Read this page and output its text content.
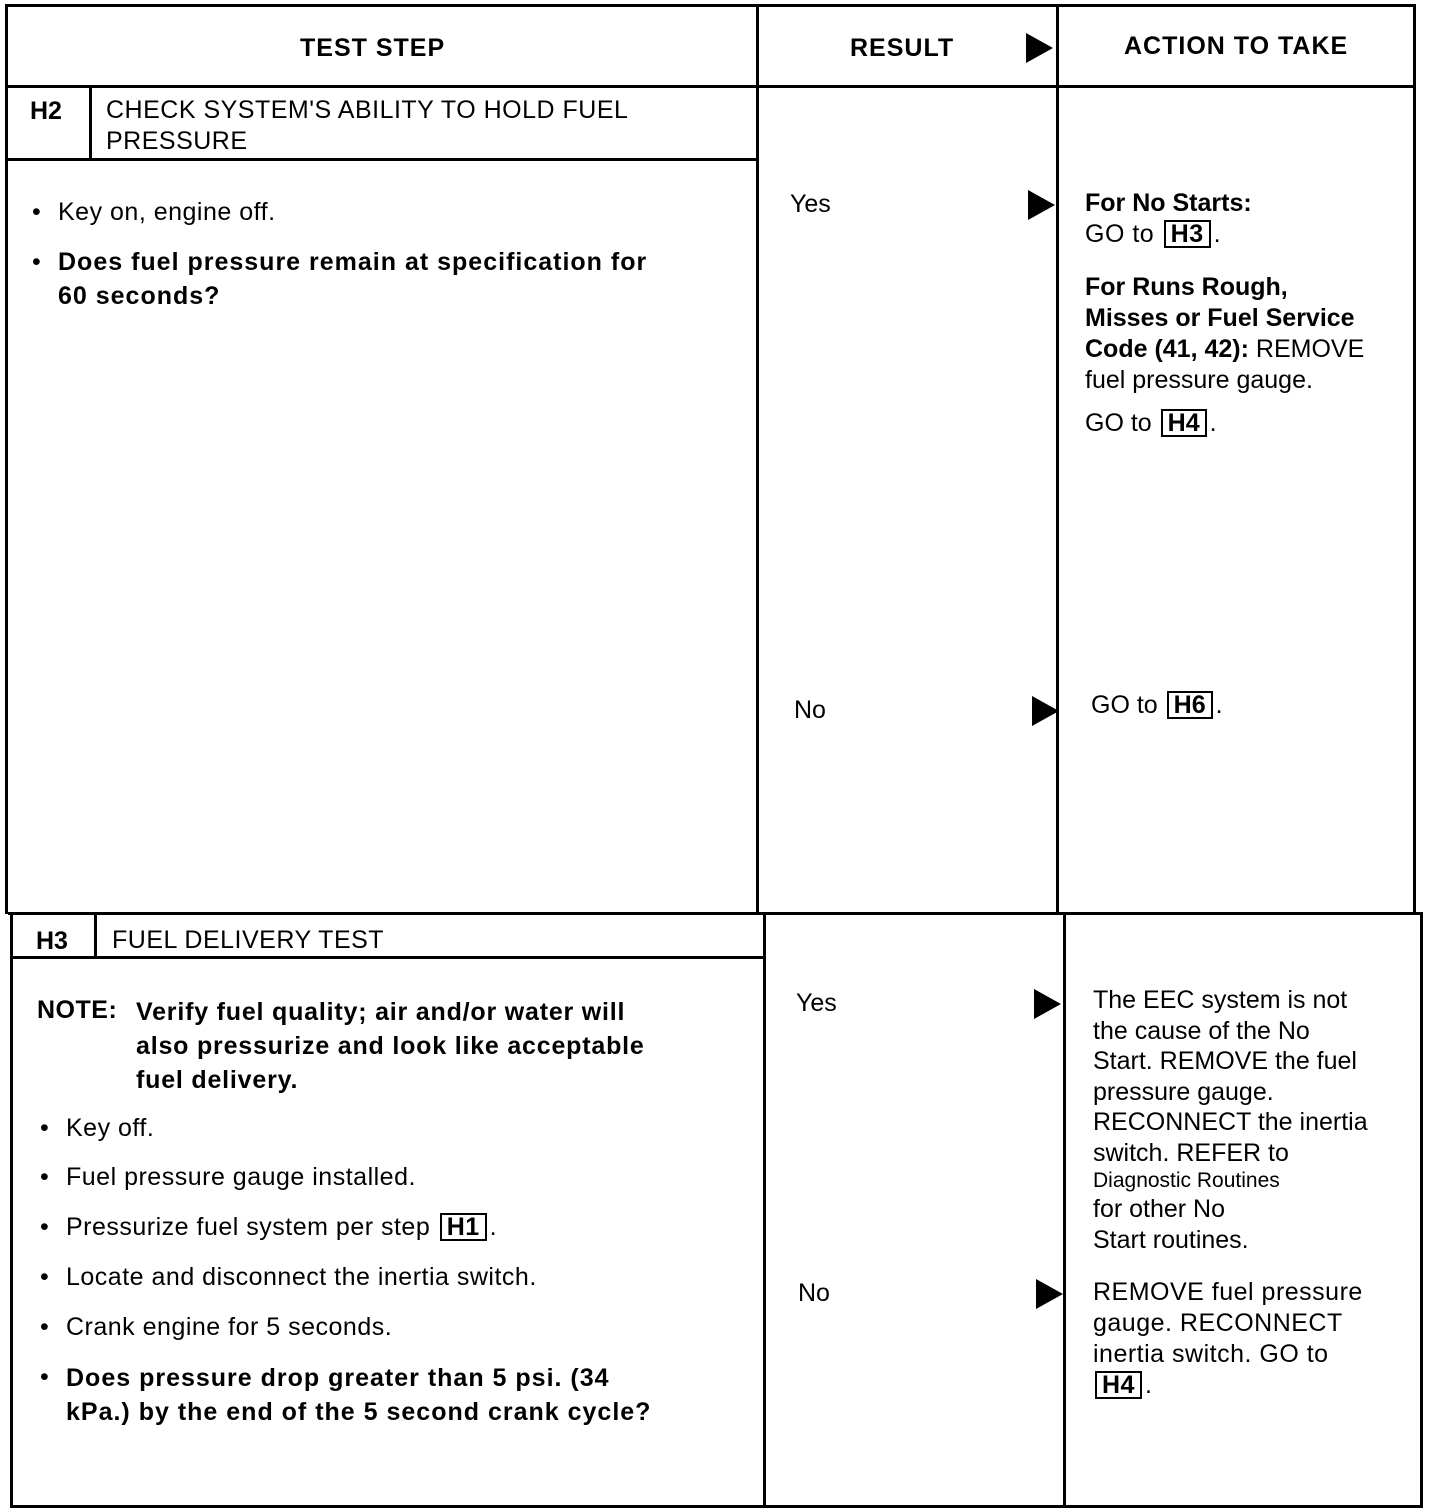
TEST STEP	RESULT	ACTION TO TAKE
H2 CHECK SYSTEM'S ABILITY TO HOLD FUEL
PRESSURE
• Key on, engine off.
• Does fuel pressure remain at specification for
60 seconds?
Yes
No
For No Starts:
GO to H3 .
For Runs Rough,
Misses or Fuel Service
Code (41, 42): REMOVE
fuel pressure gauge.
GO to H4 .
GO to H6 .
H3 FUEL DELIVERY TEST
NOTE: Verify fuel quality; air and/or water will
also pressurize and look like acceptable
fuel delivery.
• Key off.
• Fuel pressure gauge installed.
• Pressurize fuel system per step H1 .
• Locate and disconnect the inertia switch.
• Crank engine for 5 seconds.
• Does pressure drop greater than 5 psi. (34
kPa.) by the end of the 5 second crank cycle?
Yes
No
The EEC system is not
the cause of the No
Start. REMOVE the fuel
pressure gauge.
RECONNECT the inertia
switch. REFER to
Diagnostic Routines
for other No
Start routines.
REMOVE fuel pressure
gauge. RECONNECT
inertia switch. GO to
H4 .
